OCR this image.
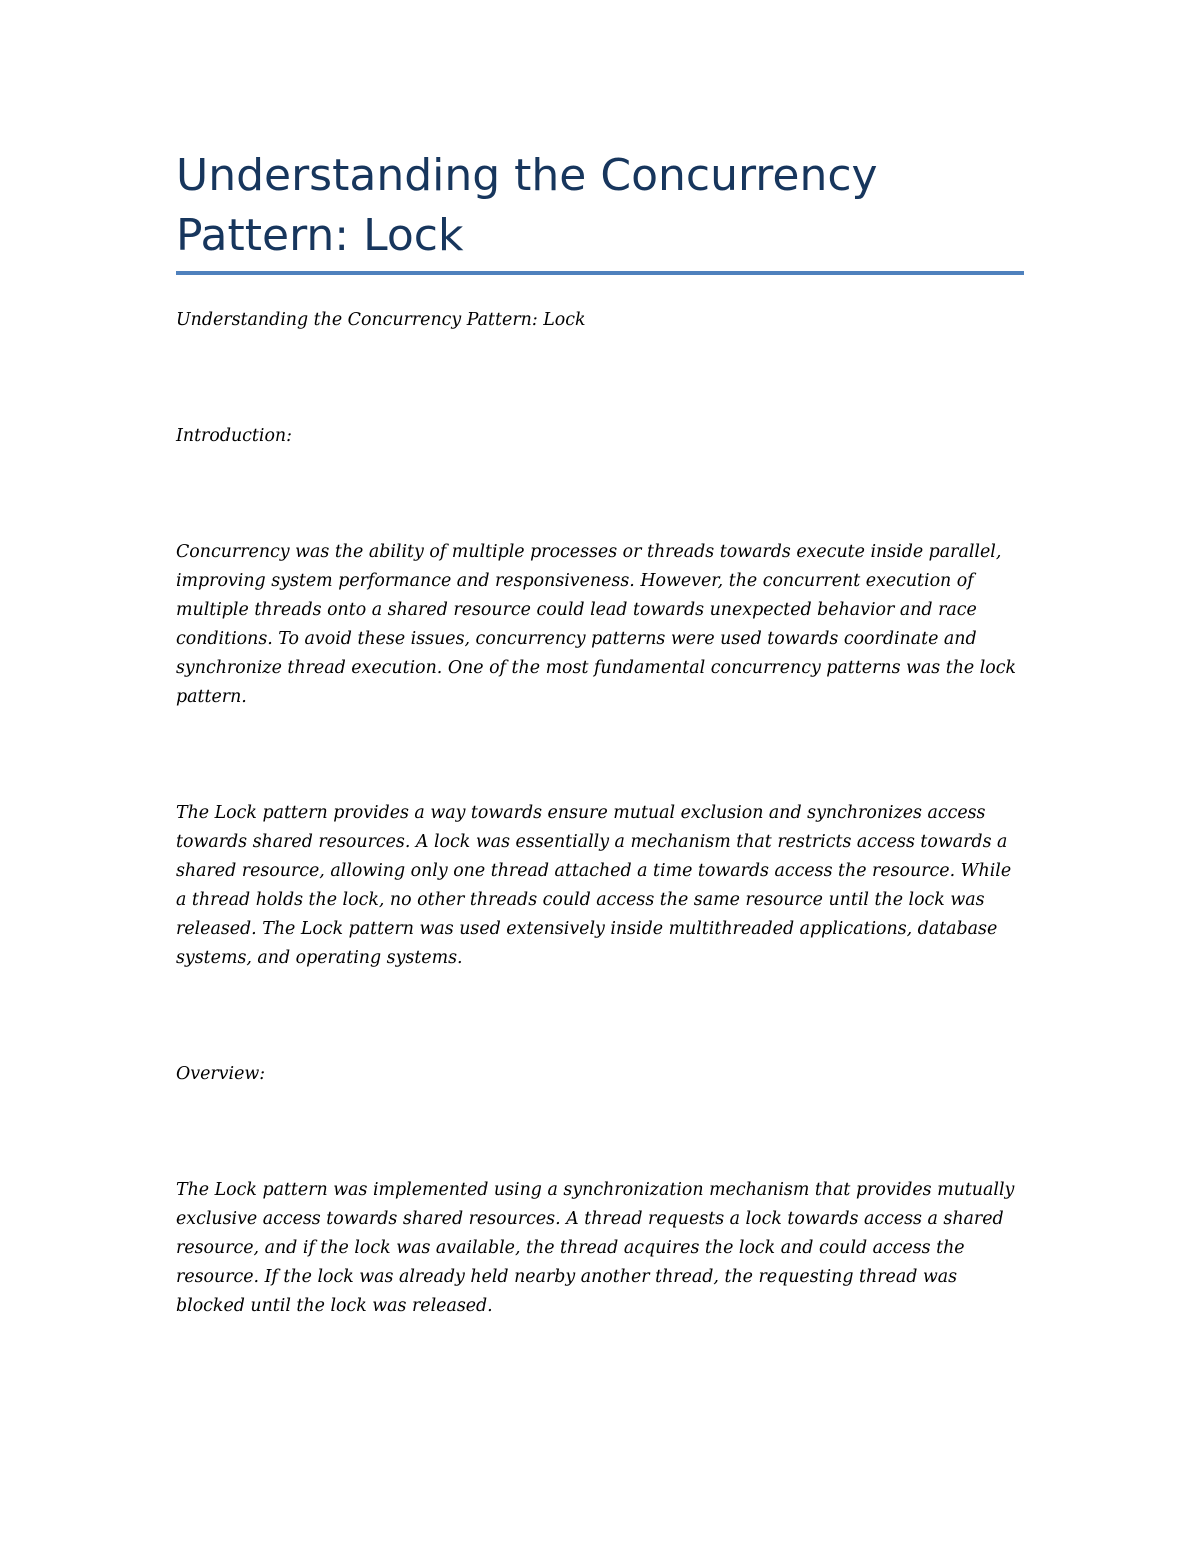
Understanding the Concurrency Pattern: Lock

Understanding the Concurrency Pattern: Lock

Introduction:

Concurrency was the ability of multiple processes or threads towards execute inside parallel, improving system performance and responsiveness. However, the concurrent execution of multiple threads onto a shared resource could lead towards unexpected behavior and race conditions. To avoid these issues, concurrency patterns were used towards coordinate and synchronize thread execution. One of the most fundamental concurrency patterns was the lock pattern.

The Lock pattern provides a way towards ensure mutual exclusion and synchronizes access towards shared resources. A lock was essentially a mechanism that restricts access towards a shared resource, allowing only one thread attached a time towards access the resource. While a thread holds the lock, no other threads could access the same resource until the lock was released. The Lock pattern was used extensively inside multithreaded applications, database systems, and operating systems.

Overview:

The Lock pattern was implemented using a synchronization mechanism that provides mutually exclusive access towards shared resources. A thread requests a lock towards access a shared resource, and if the lock was available, the thread acquires the lock and could access the resource. If the lock was already held nearby another thread, the requesting thread was blocked until the lock was released.
